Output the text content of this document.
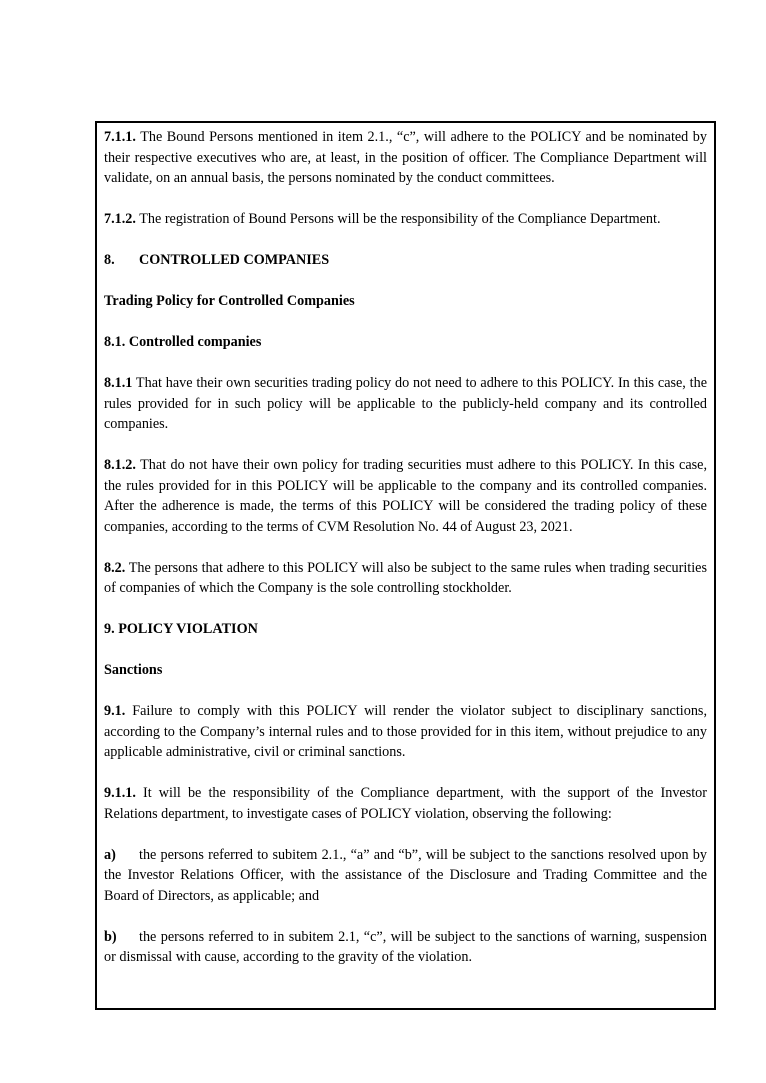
7.1.1. The Bound Persons mentioned in item 2.1., “c”, will adhere to the POLICY and be nominated by their respective executives who are, at least, in the position of officer. The Compliance Department will validate, on an annual basis, the persons nominated by the conduct committees.

7.1.2. The registration of Bound Persons will be the responsibility of the Compliance Department.

8. CONTROLLED COMPANIES

Trading Policy for Controlled Companies

8.1. Controlled companies

8.1.1 That have their own securities trading policy do not need to adhere to this POLICY. In this case, the rules provided for in such policy will be applicable to the publicly-held company and its controlled companies.

8.1.2. That do not have their own policy for trading securities must adhere to this POLICY. In this case, the rules provided for in this POLICY will be applicable to the company and its controlled companies. After the adherence is made, the terms of this POLICY will be considered the trading policy of these companies, according to the terms of CVM Resolution No. 44 of August 23, 2021.

8.2. The persons that adhere to this POLICY will also be subject to the same rules when trading securities of companies of which the Company is the sole controlling stockholder.

9. POLICY VIOLATION

Sanctions

9.1. Failure to comply with this POLICY will render the violator subject to disciplinary sanctions, according to the Company’s internal rules and to those provided for in this item, without prejudice to any applicable administrative, civil or criminal sanctions.

9.1.1. It will be the responsibility of the Compliance department, with the support of the Investor Relations department, to investigate cases of POLICY violation, observing the following:

a) the persons referred to subitem 2.1., “a” and “b”, will be subject to the sanctions resolved upon by the Investor Relations Officer, with the assistance of the Disclosure and Trading Committee and the Board of Directors, as applicable; and

b) the persons referred to in subitem 2.1, “c”, will be subject to the sanctions of warning, suspension or dismissal with cause, according to the gravity of the violation.
